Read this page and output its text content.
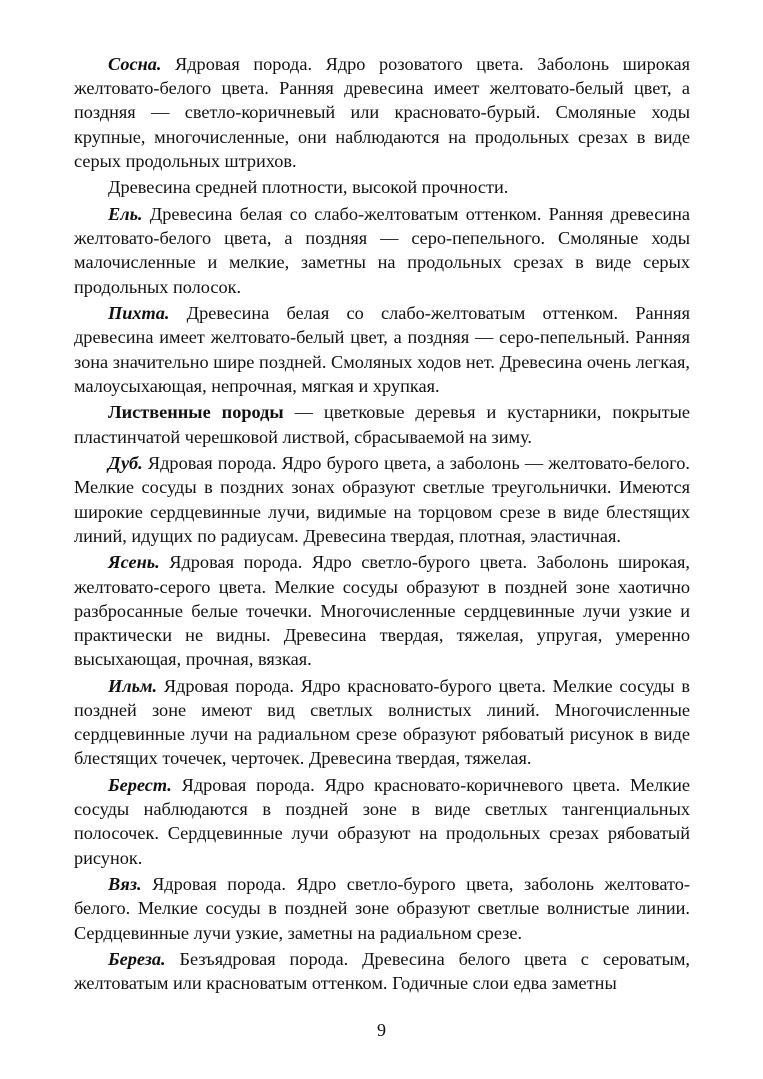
Сосна. Ядровая порода. Ядро розоватого цвета. Заболонь широкая желтовато-белого цвета. Ранняя древесина имеет желтовато-белый цвет, а поздняя — светло-коричневый или красновато-бурый. Смоляные ходы крупные, многочисленные, они наблюдаются на продольных срезах в виде серых продольных штрихов.

Древесина средней плотности, высокой прочности.

Ель. Древесина белая со слабо-желтоватым оттенком. Ранняя древесина желтовато-белого цвета, а поздняя — серо-пепельного. Смоляные ходы малочисленные и мелкие, заметны на продольных срезах в виде серых продольных полосок.

Пихта. Древесина белая со слабо-желтоватым оттенком. Ранняя древесина имеет желтовато-белый цвет, а поздняя — серо-пепельный. Ранняя зона значительно шире поздней. Смоляных ходов нет. Древесина очень легкая, малоусыхающая, непрочная, мягкая и хрупкая.

Лиственные породы — цветковые деревья и кустарники, покрытые пластинчатой черешковой листвой, сбрасываемой на зиму.

Дуб. Ядровая порода. Ядро бурого цвета, а заболонь — желтовато-белого. Мелкие сосуды в поздних зонах образуют светлые треугольнички. Имеются широкие сердцевинные лучи, видимые на торцовом срезе в виде блестящих линий, идущих по радиусам. Древесина твердая, плотная, эластичная.

Ясень. Ядровая порода. Ядро светло-бурого цвета. Заболонь широкая, желтовато-серого цвета. Мелкие сосуды образуют в поздней зоне хаотично разбросанные белые точечки. Многочисленные сердцевинные лучи узкие и практически не видны. Древесина твердая, тяжелая, упругая, умеренно высыхающая, прочная, вязкая.

Ильм. Ядровая порода. Ядро красновато-бурого цвета. Мелкие сосуды в поздней зоне имеют вид светлых волнистых линий. Многочисленные сердцевинные лучи на радиальном срезе образуют рябоватый рисунок в виде блестящих точечек, черточек. Древесина твердая, тяжелая.

Берест. Ядровая порода. Ядро красновато-коричневого цвета. Мелкие сосуды наблюдаются в поздней зоне в виде светлых тангенциальных полосочек. Сердцевинные лучи образуют на продольных срезах рябоватый рисунок.

Вяз. Ядровая порода. Ядро светло-бурого цвета, заболонь желтовато-белого. Мелкие сосуды в поздней зоне образуют светлые волнистые линии. Сердцевинные лучи узкие, заметны на радиальном срезе.

Береза. Безъядровая порода. Древесина белого цвета с сероватым, желтоватым или красноватым оттенком. Годичные слои едва заметны

9
